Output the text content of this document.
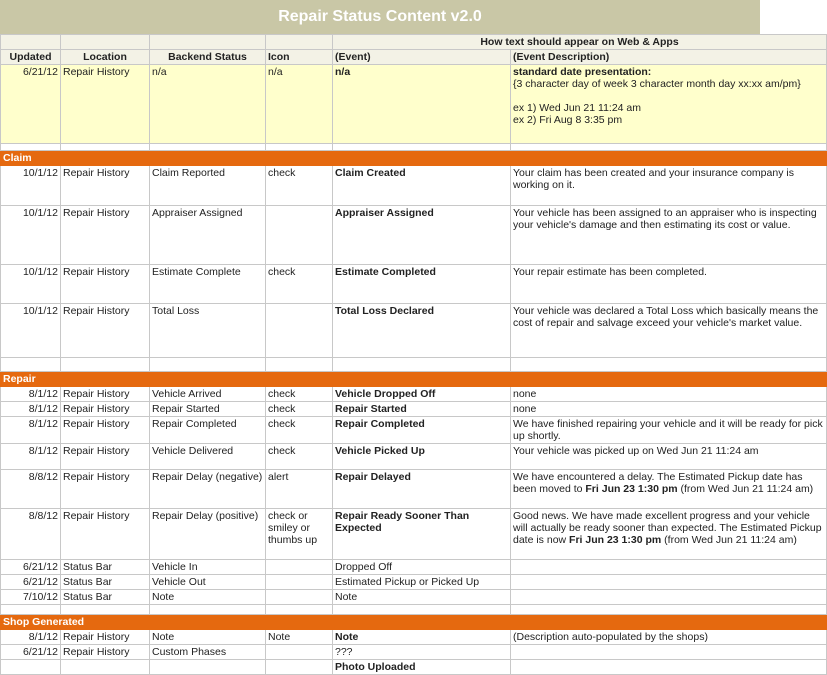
Repair Status Content v2.0
				How text should appear on Web & Apps	
Updated	Location	Backend Status	Icon	(Event)	(Event Description)
6/21/12	Repair History	n/a	n/a	n/a	standard date presentation:
{3 character day of week 3 character month day xx:xx am/pm}
ex 1) Wed Jun 21 11:24 am
ex 2) Fri Aug 8 3:35 pm

Claim					
10/1/12	Repair History	Claim Reported	check	Claim Created	Your claim has been created and your insurance company is working on it.
10/1/12	Repair History	Appraiser Assigned		Appraiser Assigned	Your vehicle has been assigned to an appraiser who is inspecting your vehicle's damage and then estimating its cost or value.
10/1/12	Repair History	Estimate Complete	check	Estimate Completed	Your repair estimate has been completed.
10/1/12	Repair History	Total Loss		Total Loss Declared	Your vehicle was declared a Total Loss which basically means the cost of repair and salvage exceed your vehicle's market value.

Repair					
8/1/12	Repair History	Vehicle Arrived	check	Vehicle Dropped Off	none
8/1/12	Repair History	Repair Started	check	Repair Started	none
8/1/12	Repair History	Repair Completed	check	Repair Completed	We have finished repairing your vehicle and it will be ready for pick up shortly.
8/1/12	Repair History	Vehicle Delivered	check	Vehicle Picked Up	Your vehicle was picked up on Wed Jun 21 11:24 am
8/8/12	Repair History	Repair Delay (negative)	alert	Repair Delayed	We have encountered a delay. The Estimated Pickup date has been moved to Fri Jun 23 1:30 pm (from Wed Jun 21 11:24 am)
8/8/12	Repair History	Repair Delay (positive)	check or smiley or thumbs up	Repair Ready Sooner Than Expected	Good news. We have made excellent progress and your vehicle will actually be ready sooner than expected. The Estimated Pickup date is now Fri Jun 23 1:30 pm (from Wed Jun 21 11:24 am)
6/21/12	Status Bar	Vehicle In		Dropped Off	
6/21/12	Status Bar	Vehicle Out		Estimated Pickup or Picked Up	
7/10/12	Status Bar	Note		Note	

Shop Generated					
8/1/12	Repair History	Note	Note	Note	(Description auto-populated by the shops)
6/21/12	Repair History	Custom Phases		???	
				Photo Uploaded	
